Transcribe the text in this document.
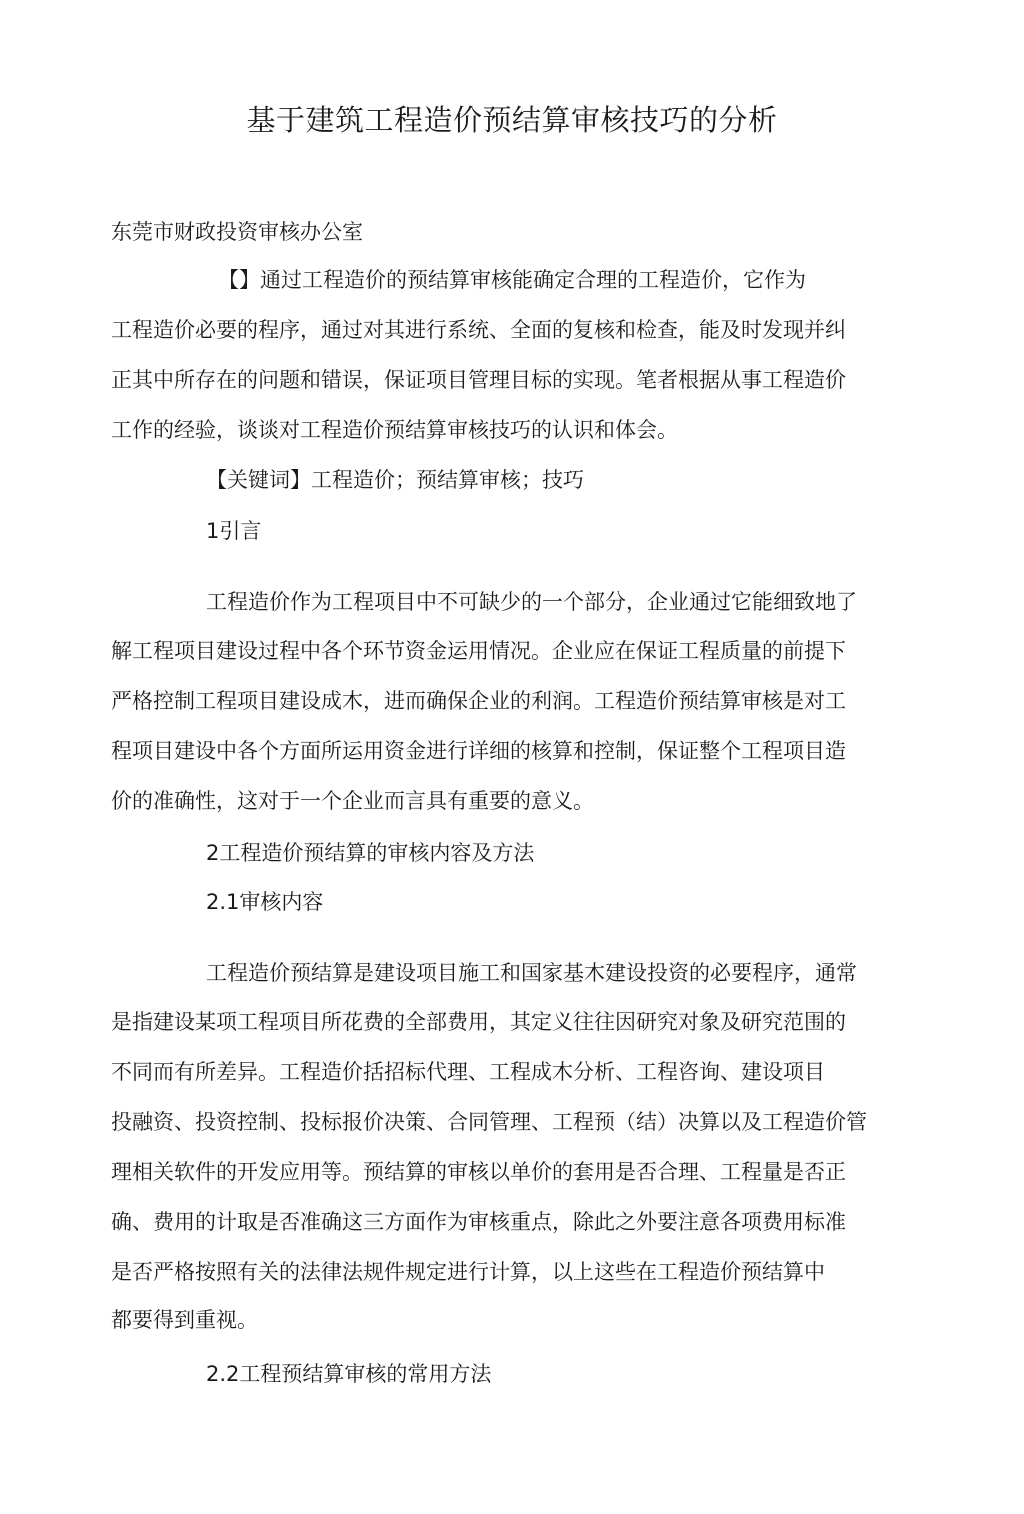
基于建筑工程造价预结算审核技巧的分析
东莞市财政投资审核办公室
【】通过工程造价的预结算审核能确定合理的工程造价，它作为
工程造价必要的程序，通过对其进行系统、全面的复核和检查，能及时发现并纠
正其中所存在的问题和错误，保证项目管理目标的实现。笔者根据从事工程造价
工作的经验，谈谈对工程造价预结算审核技巧的认识和体会。
【关键词】工程造价；预结算审核；技巧
1引言
工程造价作为工程项目中不可缺少的一个部分，企业通过它能细致地了
解工程项目建设过程中各个环节资金运用情况。企业应在保证工程质量的前提下
严格控制工程项目建设成木，进而确保企业的利润。工程造价预结算审核是对工
程项目建设中各个方面所运用资金进行详细的核算和控制，保证整个工程项目造
价的准确性，这对于一个企业而言具有重要的意义。
2工程造价预结算的审核内容及方法
2.1审核内容
工程造价预结算是建设项目施工和国家基木建设投资的必要程序，通常
是指建设某项工程项目所花费的全部费用，其定义往往因研究对象及研究范围的
不同而有所差异。工程造价括招标代理、工程成木分析、工程咨询、建设项目
投融资、投资控制、投标报价决策、合同管理、工程预（结）决算以及工程造价管
理相关软件的开发应用等。预结算的审核以单价的套用是否合理、工程量是否正
确、费用的计取是否准确这三方面作为审核重点，除此之外要注意各项费用标准
是否严格按照有关的法律法规件规定进行计算，以上这些在工程造价预结算中
都要得到重视。
2.2工程预结算审核的常用方法
